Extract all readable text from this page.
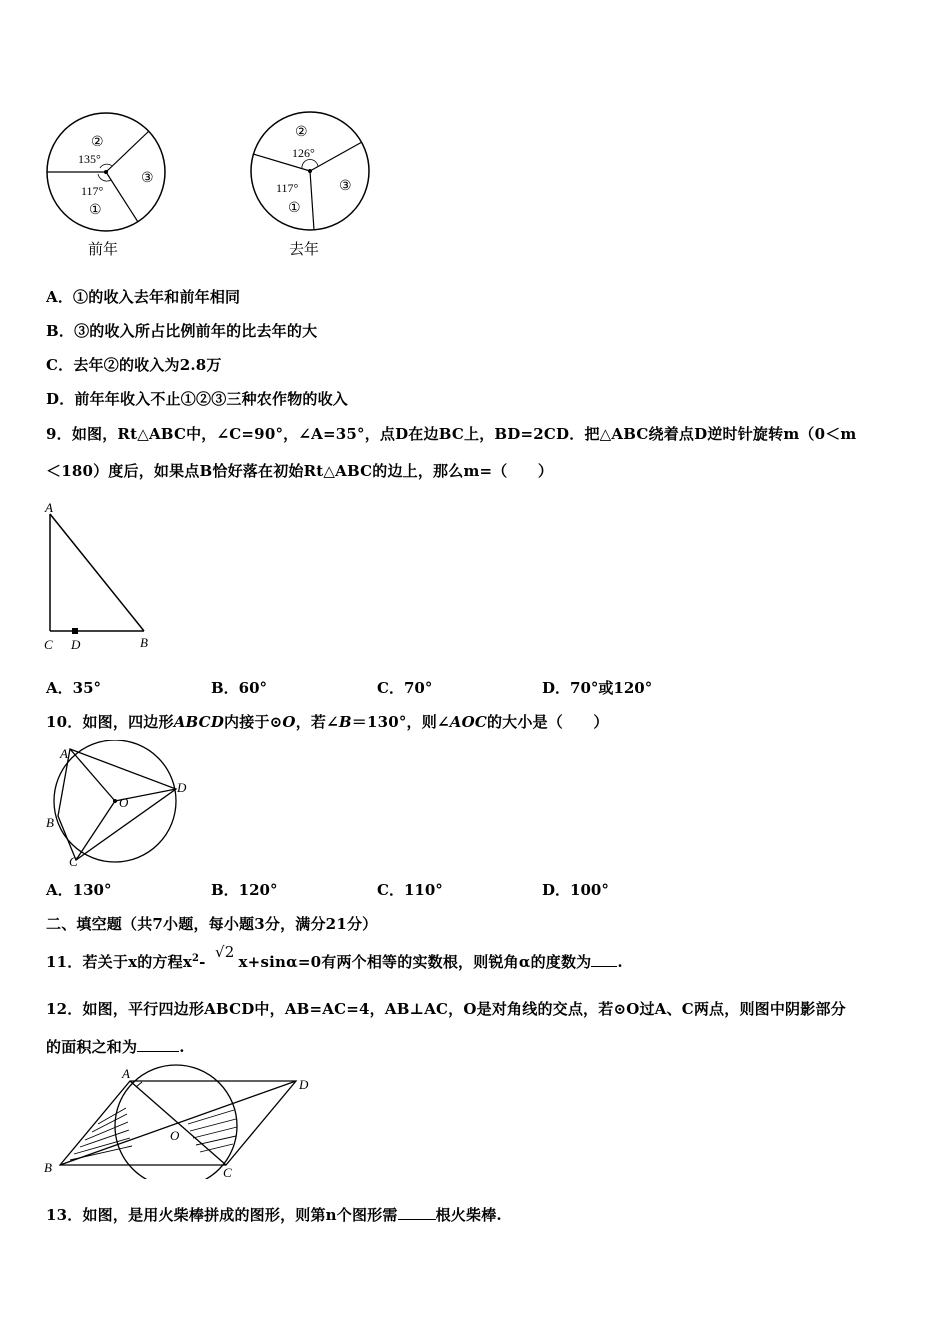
②
135°
③
117°
①
前年
②
126°
③
117°
①
去年
A．①的收入去年和前年相同
B．③的收入所占比例前年的比去年的大
C．去年②的收入为2.8万
D．前年年收入不止①②③三种农作物的收入
9．如图，Rt△ABC中，∠C=90°，∠A=35°，点D在边BC上，BD=2CD．把△ABC绕着点D逆时针旋转m（0＜m
＜180）度后，如果点B恰好落在初始Rt△ABC的边上，那么m=（　　）
A
C D	B
A．35°	B．60°	C．70°	D．70°或120°
10．如图，四边形ABCD内接于⊙O，若∠B＝130°，则∠AOC的大小是（　　）
A
B
C
D
O
A．130°	B．120°	C．110°	D．100°
二、填空题（共7小题，每小题3分，满分21分）
11．若关于x的方程$x^2-$ √2x+sinα=0有两个相等的实数根，则锐角α的度数为 .
12．如图，平行四边形ABCD中，AB=AC=4，AB⊥AC，O是对角线的交点，若⊙O过A、C两点，则图中阴影部分
的面积之和为	.
A
B	C
D
O
13．如图，是用火柴棒拼成的图形，则第n个图形需	根火柴棒.
